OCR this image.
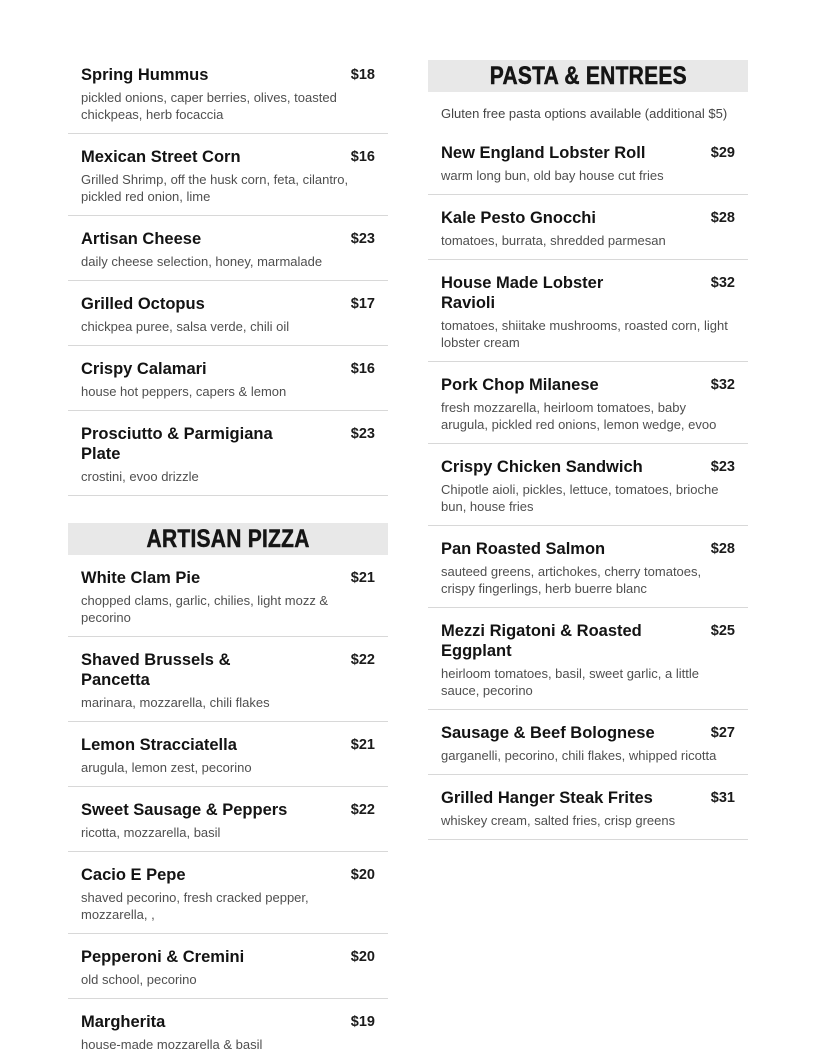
Spring Hummus	$18
pickled onions, caper berries, olives, toasted chickpeas, herb focaccia
Mexican Street Corn	$16
Grilled Shrimp, off the husk corn, feta, cilantro, pickled red onion, lime
Artisan Cheese	$23
daily cheese selection, honey, marmalade
Grilled Octopus	$17
chickpea puree, salsa verde, chili oil
Crispy Calamari	$16
house hot peppers, capers & lemon
Prosciutto & Parmigiana Plate
$23
crostini, evoo drizzle
ARTISAN PIZZA
White Clam Pie	$21
chopped clams, garlic, chilies, light mozz & pecorino
Shaved Brussels & Pancetta
$22
marinara, mozzarella, chili flakes
Lemon Stracciatella	$21
arugula, lemon zest, pecorino
Sweet Sausage & Peppers	$22
ricotta, mozzarella, basil
Cacio E Pepe	$20
shaved pecorino, fresh cracked pepper, mozzarella, ,
Pepperoni & Cremini	$20
old school, pecorino
Margherita	$19
house-made mozzarella & basil
PASTA & ENTREES
Gluten free pasta options available (additional $5)
New England Lobster Roll	$29
warm long bun, old bay house cut fries
Kale Pesto Gnocchi	$28
tomatoes, burrata, shredded parmesan
House Made Lobster Ravioli
$32
tomatoes, shiitake mushrooms, roasted corn, light lobster cream
Pork Chop Milanese	$32
fresh mozzarella, heirloom tomatoes, baby arugula, pickled red onions, lemon wedge, evoo
Crispy Chicken Sandwich	$23
Chipotle aioli, pickles, lettuce, tomatoes, brioche bun, house fries
Pan Roasted Salmon	$28
sauteed greens, artichokes, cherry tomatoes, crispy fingerlings, herb buerre blanc
Mezzi Rigatoni & Roasted Eggplant
$25
heirloom tomatoes, basil, sweet garlic, a little sauce, pecorino
Sausage & Beef Bolognese	$27
garganelli, pecorino, chili flakes, whipped ricotta
Grilled Hanger Steak Frites	$31
whiskey cream, salted fries, crisp greens
